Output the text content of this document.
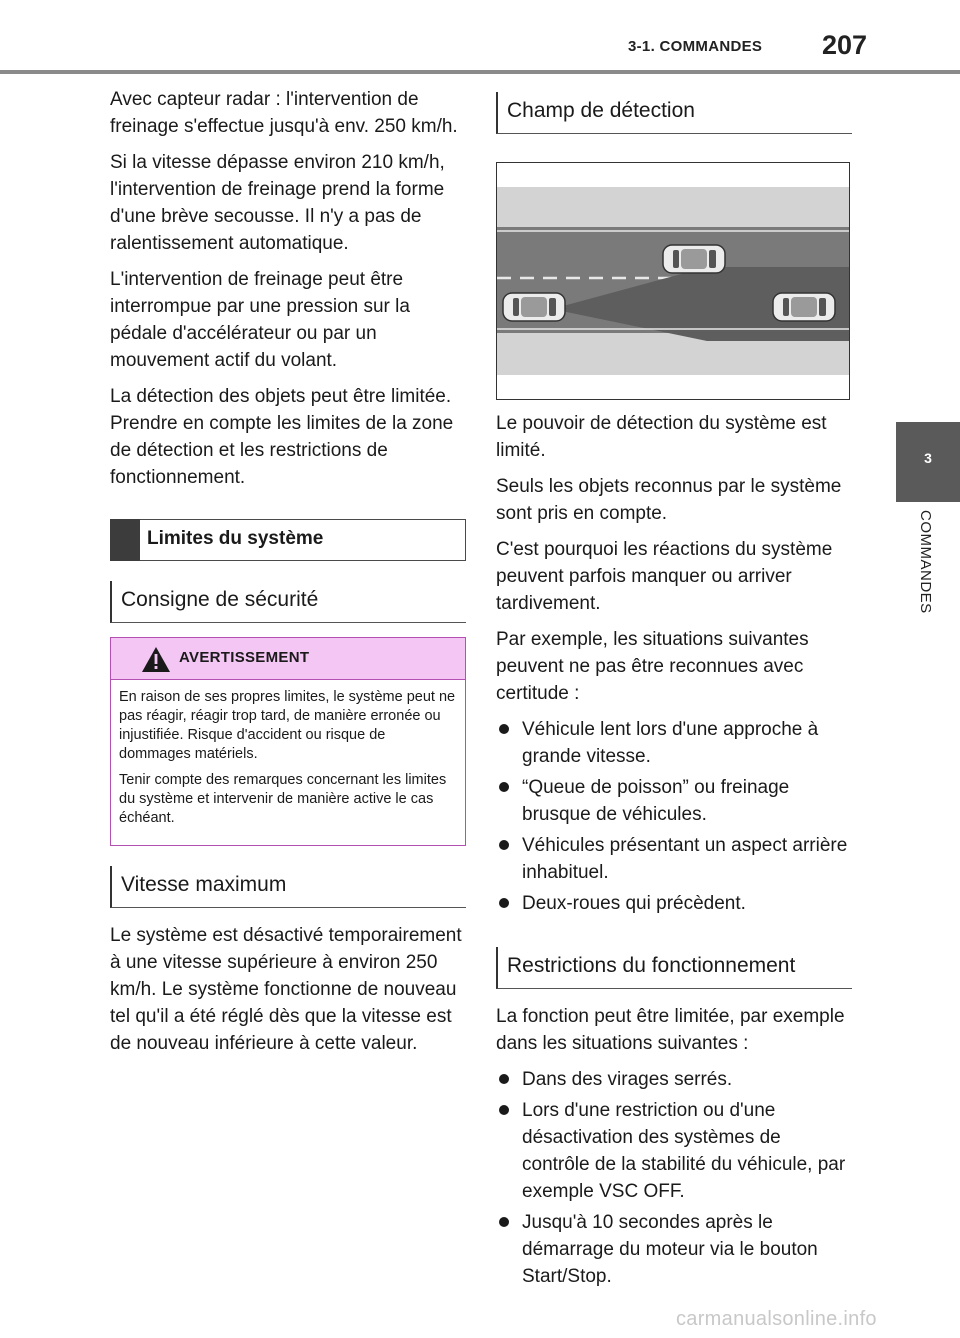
3-1. COMMANDES 207
3
COMMANDES

Avec capteur radar : l'intervention de freinage s'effectue jusqu'à env. 250 km/h.

Si la vitesse dépasse environ 210 km/h, l'intervention de freinage prend la forme d'une brève secousse. Il n'y a pas de ralentissement automatique.

L'intervention de freinage peut être interrompue par une pression sur la pédale d'accélérateur ou par un mouvement actif du volant.

La détection des objets peut être limitée. Prendre en compte les limites de la zone de détection et les restrictions de fonctionnement.

Limites du système
Consigne de sécurité
AVERTISSEMENT

En raison de ses propres limites, le système peut ne pas réagir, réagir trop tard, de manière erronée ou injustifiée. Risque d'accident ou risque de dommages matériels.

Tenir compte des remarques concernant les limites du système et intervenir de manière active le cas échéant.

Vitesse maximum

Le système est désactivé temporairement à une vitesse supérieure à environ 250 km/h. Le système fonctionne de nouveau tel qu'il a été réglé dès que la vitesse est de nouveau inférieure à cette valeur.

Champ de détection

Le pouvoir de détection du système est limité.

Seuls les objets reconnus par le système sont pris en compte.

C'est pourquoi les réactions du système peuvent parfois manquer ou arriver tardivement.

Par exemple, les situations suivantes peuvent ne pas être reconnues avec certitude :

Véhicule lent lors d'une approche à grande vitesse.
“Queue de poisson” ou freinage brusque de véhicules.
Véhicules présentant un aspect arrière inhabituel.
Deux-roues qui précèdent.
Restrictions du fonctionnement

La fonction peut être limitée, par exemple dans les situations suivantes :

Dans des virages serrés.
Lors d'une restriction ou d'une désactivation des systèmes de contrôle de la stabilité du véhicule, par exemple VSC OFF.
Jusqu'à 10 secondes après le démarrage du moteur via le bouton Start/Stop.
carmanualsonline.info
